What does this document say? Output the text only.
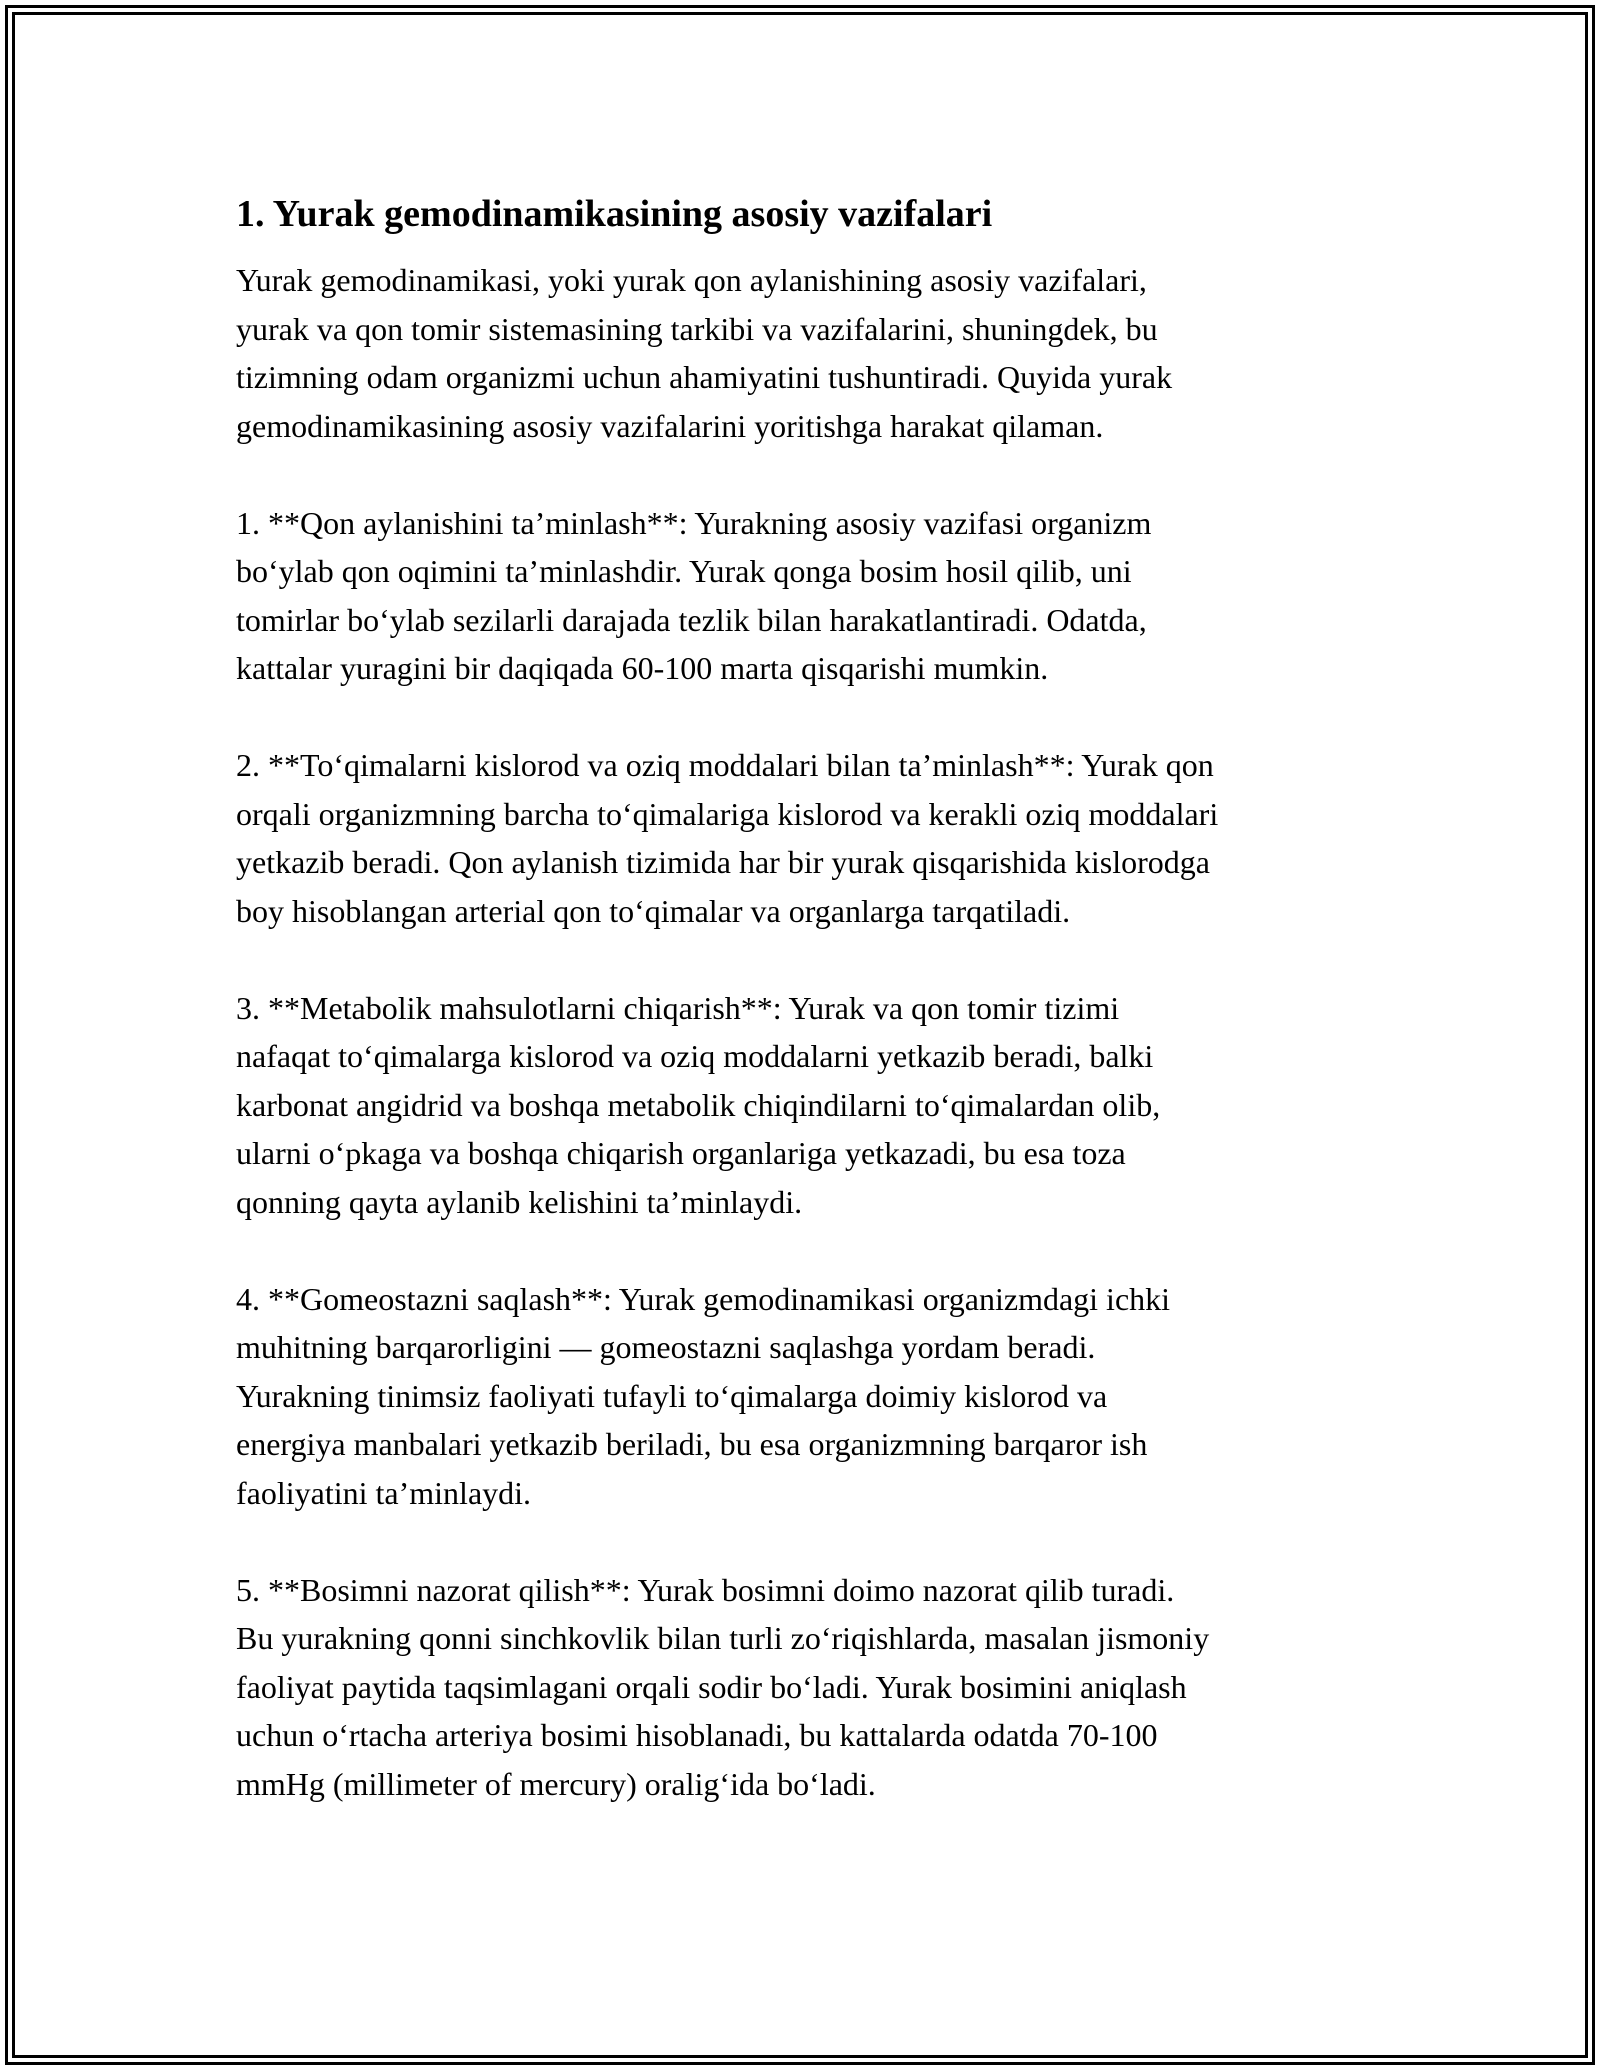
1. Yurak gemodinamikasining asosiy vazifalari

Yurak gemodinamikasi, yoki yurak qon aylanishining asosiy vazifalari,
yurak va qon tomir sistemasining tarkibi va vazifalarini, shuningdek, bu
tizimning odam organizmi uchun ahamiyatini tushuntiradi. Quyida yurak
gemodinamikasining asosiy vazifalarini yoritishga harakat qilaman.

1. **Qon aylanishini ta’minlash**: Yurakning asosiy vazifasi organizm
bo‘ylab qon oqimini ta’minlashdir. Yurak qonga bosim hosil qilib, uni
tomirlar bo‘ylab sezilarli darajada tezlik bilan harakatlantiradi. Odatda,
kattalar yuragini bir daqiqada 60-100 marta qisqarishi mumkin.

2. **To‘qimalarni kislorod va oziq moddalari bilan ta’minlash**: Yurak qon
orqali organizmning barcha to‘qimalariga kislorod va kerakli oziq moddalari
yetkazib beradi. Qon aylanish tizimida har bir yurak qisqarishida kislorodga
boy hisoblangan arterial qon to‘qimalar va organlarga tarqatiladi.

3. **Metabolik mahsulotlarni chiqarish**: Yurak va qon tomir tizimi
nafaqat to‘qimalarga kislorod va oziq moddalarni yetkazib beradi, balki
karbonat angidrid va boshqa metabolik chiqindilarni to‘qimalardan olib,
ularni o‘pkaga va boshqa chiqarish organlariga yetkazadi, bu esa toza
qonning qayta aylanib kelishini ta’minlaydi.

4. **Gomeostazni saqlash**: Yurak gemodinamikasi organizmdagi ichki
muhitning barqarorligini — gomeostazni saqlashga yordam beradi.
Yurakning tinimsiz faoliyati tufayli to‘qimalarga doimiy kislorod va
energiya manbalari yetkazib beriladi, bu esa organizmning barqaror ish
faoliyatini ta’minlaydi.

5. **Bosimni nazorat qilish**: Yurak bosimni doimo nazorat qilib turadi.
Bu yurakning qonni sinchkovlik bilan turli zo‘riqishlarda, masalan jismoniy
faoliyat paytida taqsimlagani orqali sodir bo‘ladi. Yurak bosimini aniqlash
uchun o‘rtacha arteriya bosimi hisoblanadi, bu kattalarda odatda 70-100
mmHg (millimeter of mercury) oralig‘ida bo‘ladi.
